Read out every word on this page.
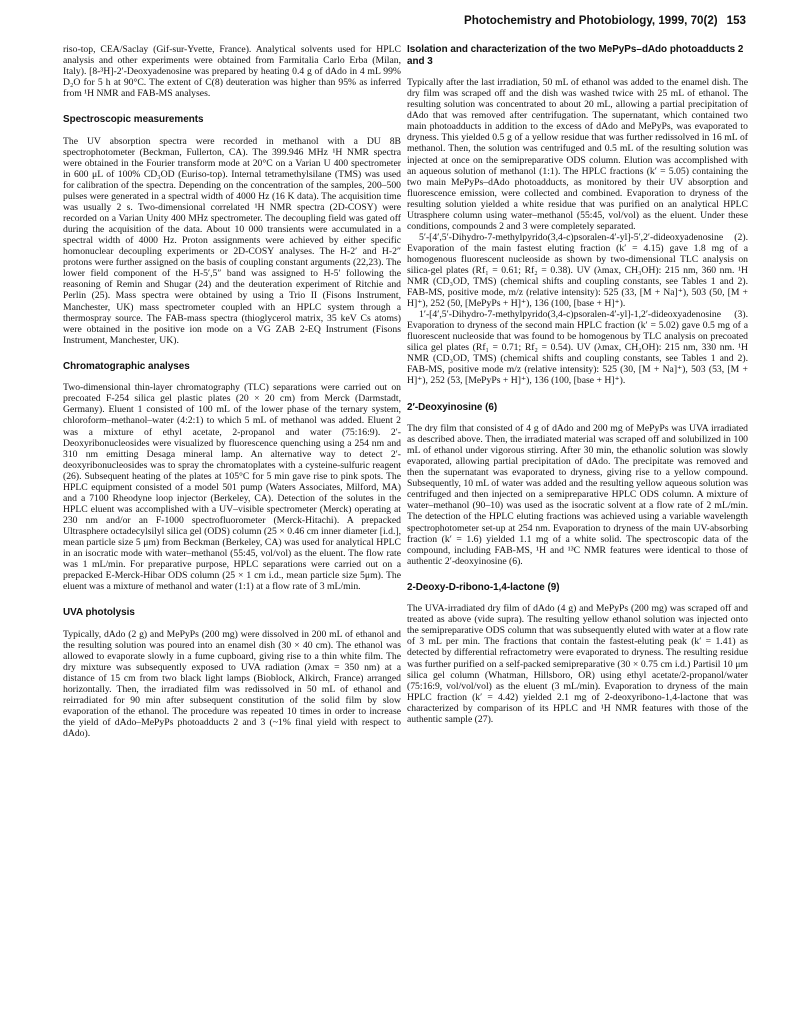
Photochemistry and Photobiology, 1999, 70(2) 153

riso-top, CEA/Saclay (Gif-sur-Yvette, France). Analytical solvents used for HPLC analysis and other experiments were obtained from Farmitalia Carlo Erba (Milan, Italy). [8-³H]-2′-Deoxyadenosine was prepared by heating 0.4 g of dAdo in 4 mL 99% D₂O for 5 h at 90°C. The extent of C(8) deuteration was higher than 95% as inferred from ¹H NMR and FAB-MS analyses.

Spectroscopic measurements

The UV absorption spectra were recorded in methanol with a DU 8B spectrophotometer (Beckman, Fullerton, CA). The 399.946 MHz ¹H NMR spectra were obtained in the Fourier transform mode at 20°C on a Varian U 400 spectrometer in 600 μL of 100% CD₃OD (Euriso-top). Internal tetramethylsilane (TMS) was used for calibration of the spectra. Depending on the concentration of the samples, 200–500 pulses were generated in a spectral width of 4000 Hz (16 K data). The acquisition time was usually 2 s. Two-dimensional correlated ¹H NMR spectra (2D-COSY) were recorded on a Varian Unity 400 MHz spectrometer. The decoupling field was gated off during the acquisition of the data. About 10 000 transients were accumulated in a spectral width of 4000 Hz. Proton assignments were achieved by either specific homonuclear decoupling experiments or 2D-COSY analyses. The H-2′ and H-2″ protons were further assigned on the basis of coupling constant arguments (22,23). The lower field component of the H-5′,5″ band was assigned to H-5′ following the reasoning of Remin and Shugar (24) and the deuteration experiment of Ritchie and Perlin (25). Mass spectra were obtained by using a Trio II (Fisons Instrument, Manchester, UK) mass spectrometer coupled with an HPLC system through a thermospray source. The FAB-mass spectra (thioglycerol matrix, 35 keV Cs atoms) were obtained in the positive ion mode on a VG ZAB 2-EQ Instrument (Fisons Instrument, Manchester, UK).

Chromatographic analyses

Two-dimensional thin-layer chromatography (TLC) separations were carried out on precoated F-254 silica gel plastic plates (20 × 20 cm) from Merck (Darmstadt, Germany). Eluent 1 consisted of 100 mL of the lower phase of the ternary system, chloroform–methanol–water (4:2:1) to which 5 mL of methanol was added. Eluent 2 was a mixture of ethyl acetate, 2-propanol and water (75:16:9). 2′-Deoxyribonucleosides were visualized by fluorescence quenching using a 254 nm and 310 nm emitting Desaga mineral lamp. An alternative way to detect 2′-deoxyribonucleosides was to spray the chromatoplates with a cysteine-sulfuric reagent (26). Subsequent heating of the plates at 105°C for 5 min gave rise to pink spots. The HPLC equipment consisted of a model 501 pump (Waters Associates, Milford, MA) and a 7100 Rheodyne loop injector (Berkeley, CA). Detection of the solutes in the HPLC eluent was accomplished with a UV–visible spectrometer (Merck) operating at 230 nm and/or an F-1000 spectrofluorometer (Merck-Hitachi). A prepacked Ultrasphere octadecylsilyl silica gel (ODS) column (25 × 0.46 cm inner diameter [i.d.], mean particle size 5 μm) from Beckman (Berkeley, CA) was used for analytical HPLC in an isocratic mode with water–methanol (55:45, vol/vol) as the eluent. The flow rate was 1 mL/min. For preparative purpose, HPLC separations were carried out on a prepacked E-Merck-Hibar ODS column (25 × 1 cm i.d., mean particle size 5μm). The eluent was a mixture of methanol and water (1:1) at a flow rate of 3 mL/min.

UVA photolysis

Typically, dAdo (2 g) and MePyPs (200 mg) were dissolved in 200 mL of ethanol and the resulting solution was poured into an enamel dish (30 × 40 cm). The ethanol was allowed to evaporate slowly in a fume cupboard, giving rise to a thin white film. The dry mixture was subsequently exposed to UVA radiation (λmax = 350 nm) at a distance of 15 cm from two black light lamps (Bioblock, Alkirch, France) arranged horizontally. Then, the irradiated film was redissolved in 50 mL of ethanol and reirradiated for 90 min after subsequent constitution of the solid film by slow evaporation of the ethanol. The procedure was repeated 10 times in order to increase the yield of dAdo–MePyPs photoadducts 2 and 3 (~1% final yield with respect to dAdo).

Isolation and characterization of the two MePyPs–dAdo photoadducts 2 and 3

Typically after the last irradiation, 50 mL of ethanol was added to the enamel dish. The dry film was scraped off and the dish was washed twice with 25 mL of ethanol. The resulting solution was concentrated to about 20 mL, allowing a partial precipitation of dAdo that was removed after centrifugation. The supernatant, which contained two main photoadducts in addition to the excess of dAdo and MePyPs, was evaporated to dryness. This yielded 0.5 g of a yellow residue that was further redissolved in 16 mL of methanol. Then, the solution was centrifuged and 0.5 mL of the resulting solution was injected at once on the semipreparative ODS column. Elution was accomplished with an aqueous solution of methanol (1:1). The HPLC fractions (k′ = 5.05) containing the two main MePyPs–dAdo photoadducts, as monitored by their UV absorption and fluorescence emission, were collected and combined. Evaporation to dryness of the resulting solution yielded a white residue that was purified on an analytical HPLC Utrasphere column using water–methanol (55:45, vol/vol) as the eluent. Under these conditions, compounds 2 and 3 were completely separated.

5′-[4′,5′-Dihydro-7-methylpyrido(3,4-c)psoralen-4′-yl]-5′,2′-dideoxyadenosine (2). Evaporation of the main fastest eluting fraction (k′ = 4.15) gave 1.8 mg of a homogenous fluorescent nucleoside as shown by two-dimensional TLC analysis on silica-gel plates (Rf₁ = 0.61; Rf₂ = 0.38). UV (λmax, CH₃OH): 215 nm, 360 nm. ¹H NMR (CD₃OD, TMS) (chemical shifts and coupling constants, see Tables 1 and 2). FAB-MS, positive mode, m/z (relative intensity): 525 (33, [M + Na]⁺), 503 (50, [M + H]⁺), 252 (50, [MePyPs + H]⁺), 136 (100, [base + H]⁺).

1′-[4′,5′-Dihydro-7-methylpyrido(3,4-c)psoralen-4′-yl]-1,2′-dideoxyadenosine (3). Evaporation to dryness of the second main HPLC fraction (k′ = 5.02) gave 0.5 mg of a fluorescent nucleoside that was found to be homogenous by TLC analysis on precoated silica gel plates (Rf₁ = 0.71; Rf₂ = 0.54). UV (λmax, CH₃OH): 215 nm, 330 nm. ¹H NMR (CD₃OD, TMS) (chemical shifts and coupling constants, see Tables 1 and 2). FAB-MS, positive mode m/z (relative intensity): 525 (30, [M + Na]⁺), 503 (53, [M + H]⁺), 252 (53, [MePyPs + H]⁺), 136 (100, [base + H]⁺).

2′-Deoxyinosine (6)

The dry film that consisted of 4 g of dAdo and 200 mg of MePyPs was UVA irradiated as described above. Then, the irradiated material was scraped off and solubilized in 100 mL of ethanol under vigorous stirring. After 30 min, the ethanolic solution was slowly evaporated, allowing partial precipitation of dAdo. The precipitate was removed and then the supernatant was evaporated to dryness, giving rise to a yellow compound. Subsequently, 10 mL of water was added and the resulting yellow aqueous solution was centrifuged and then injected on a semipreparative HPLC ODS column. A mixture of water–methanol (90–10) was used as the isocratic solvent at a flow rate of 2 mL/min. The detection of the HPLC eluting fractions was achieved using a variable wavelength spectrophotometer set-up at 254 nm. Evaporation to dryness of the main UV-absorbing fraction (k′ = 1.6) yielded 1.1 mg of a white solid. The spectroscopic data of the compound, including FAB-MS, ¹H and ¹³C NMR features were identical to those of authentic 2′-deoxyinosine (6).

2-Deoxy-D-ribono-1,4-lactone (9)

The UVA-irradiated dry film of dAdo (4 g) and MePyPs (200 mg) was scraped off and treated as above (vide supra). The resulting yellow ethanol solution was injected onto the semipreparative ODS column that was subsequently eluted with water at a flow rate of 3 mL per min. The fractions that contain the fastest-eluting peak (k′ = 1.41) as detected by differential refractometry were evaporated to dryness. The resulting residue was further purified on a self-packed semipreparative (30 × 0.75 cm i.d.) Partisil 10 μm silica gel column (Whatman, Hillsboro, OR) using ethyl acetate/2-propanol/water (75:16:9, vol/vol/vol) as the eluent (3 mL/min). Evaporation to dryness of the main HPLC fraction (k′ = 4.42) yielded 2.1 mg of 2-deoxyribono-1,4-lactone that was characterized by comparison of its HPLC and ¹H NMR features with those of the authentic sample (27).
